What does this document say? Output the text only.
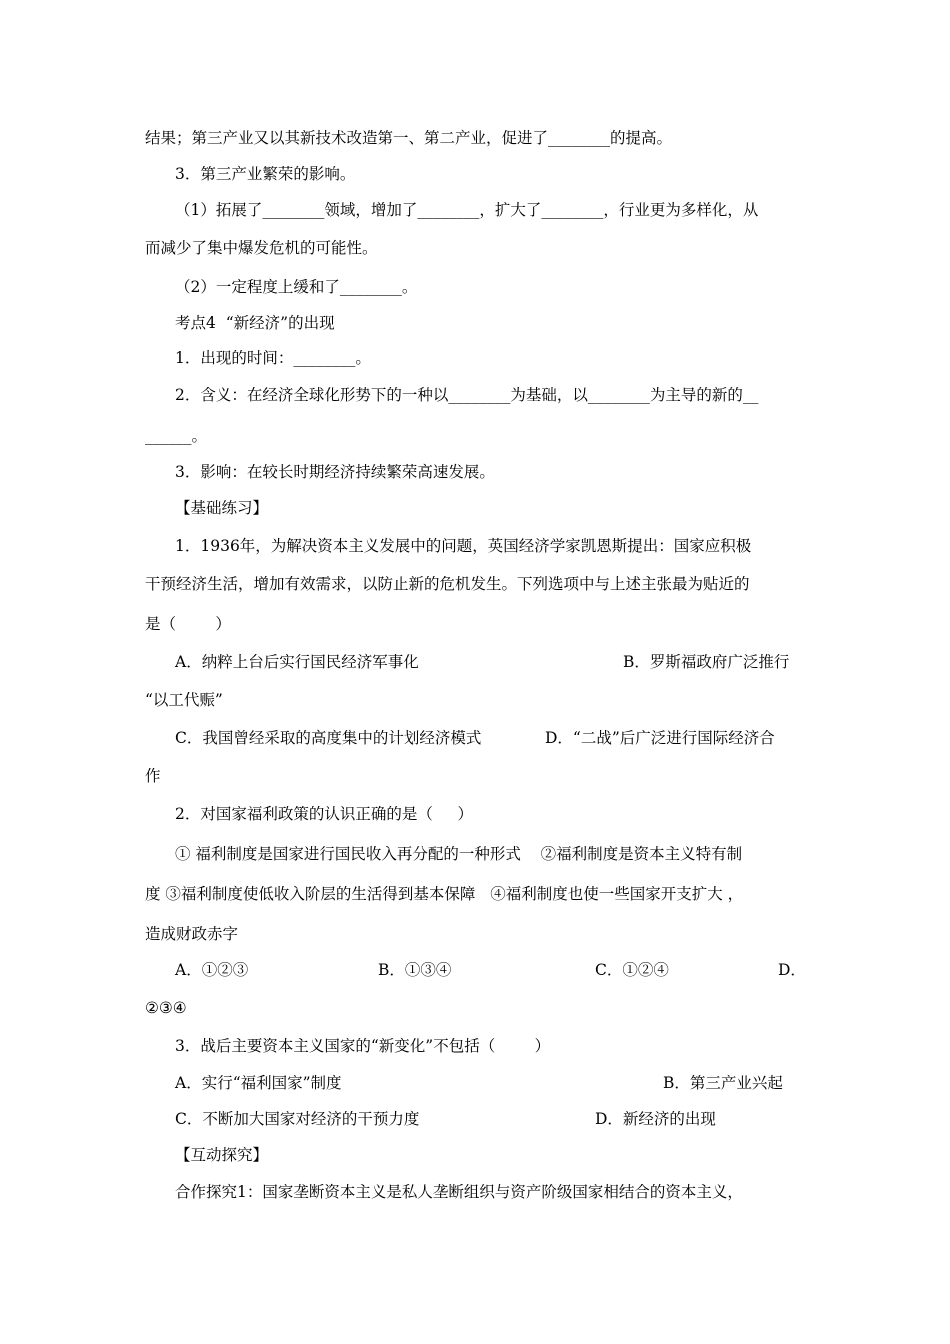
结果；第三产业又以其新技术改造第一、第二产业，促进了________的提高。
3．第三产业繁荣的影响。
（1）拓展了________领域，增加了________，扩大了________，行业更为多样化，从
而减少了集中爆发危机的可能性。
（2）一定程度上缓和了________。
考点4  “新经济”的出现
1．出现的时间：________。
2．含义：在经济全球化形势下的一种以________为基础，以________为主导的新的__
______。
3．影响：在较长时期经济持续繁荣高速发展。
【基础练习】
1．1936年，为解决资本主义发展中的问题，英国经济学家凯恩斯提出：国家应积极
干预经济生活，增加有效需求，以防止新的危机发生。下列选项中与上述主张最为贴近的
是（        ）
A．纳粹上台后实行国民经济军事化	B．罗斯福政府广泛推行
“以工代赈”
C．我国曾经采取的高度集中的计划经济模式	D．“二战”后广泛进行国际经济合
作
2．对国家福利政策的认识正确的是（     ）
① 福利制度是国家进行国民收入再分配的一种形式    ②福利制度是资本主义特有制
度 ③福利制度使低收入阶层的生活得到基本保障   ④福利制度也使一些国家开支扩大 ，
造成财政赤字
A．①②③	B．①③④	C．①②④	D．
②③④
3．战后主要资本主义国家的“新变化”不包括（        ）
A．实行“福利国家”制度	B．第三产业兴起
C．不断加大国家对经济的干预力度	D．新经济的出现
【互动探究】
合作探究1：国家垄断资本主义是私人垄断组织与资产阶级国家相结合的资本主义，
